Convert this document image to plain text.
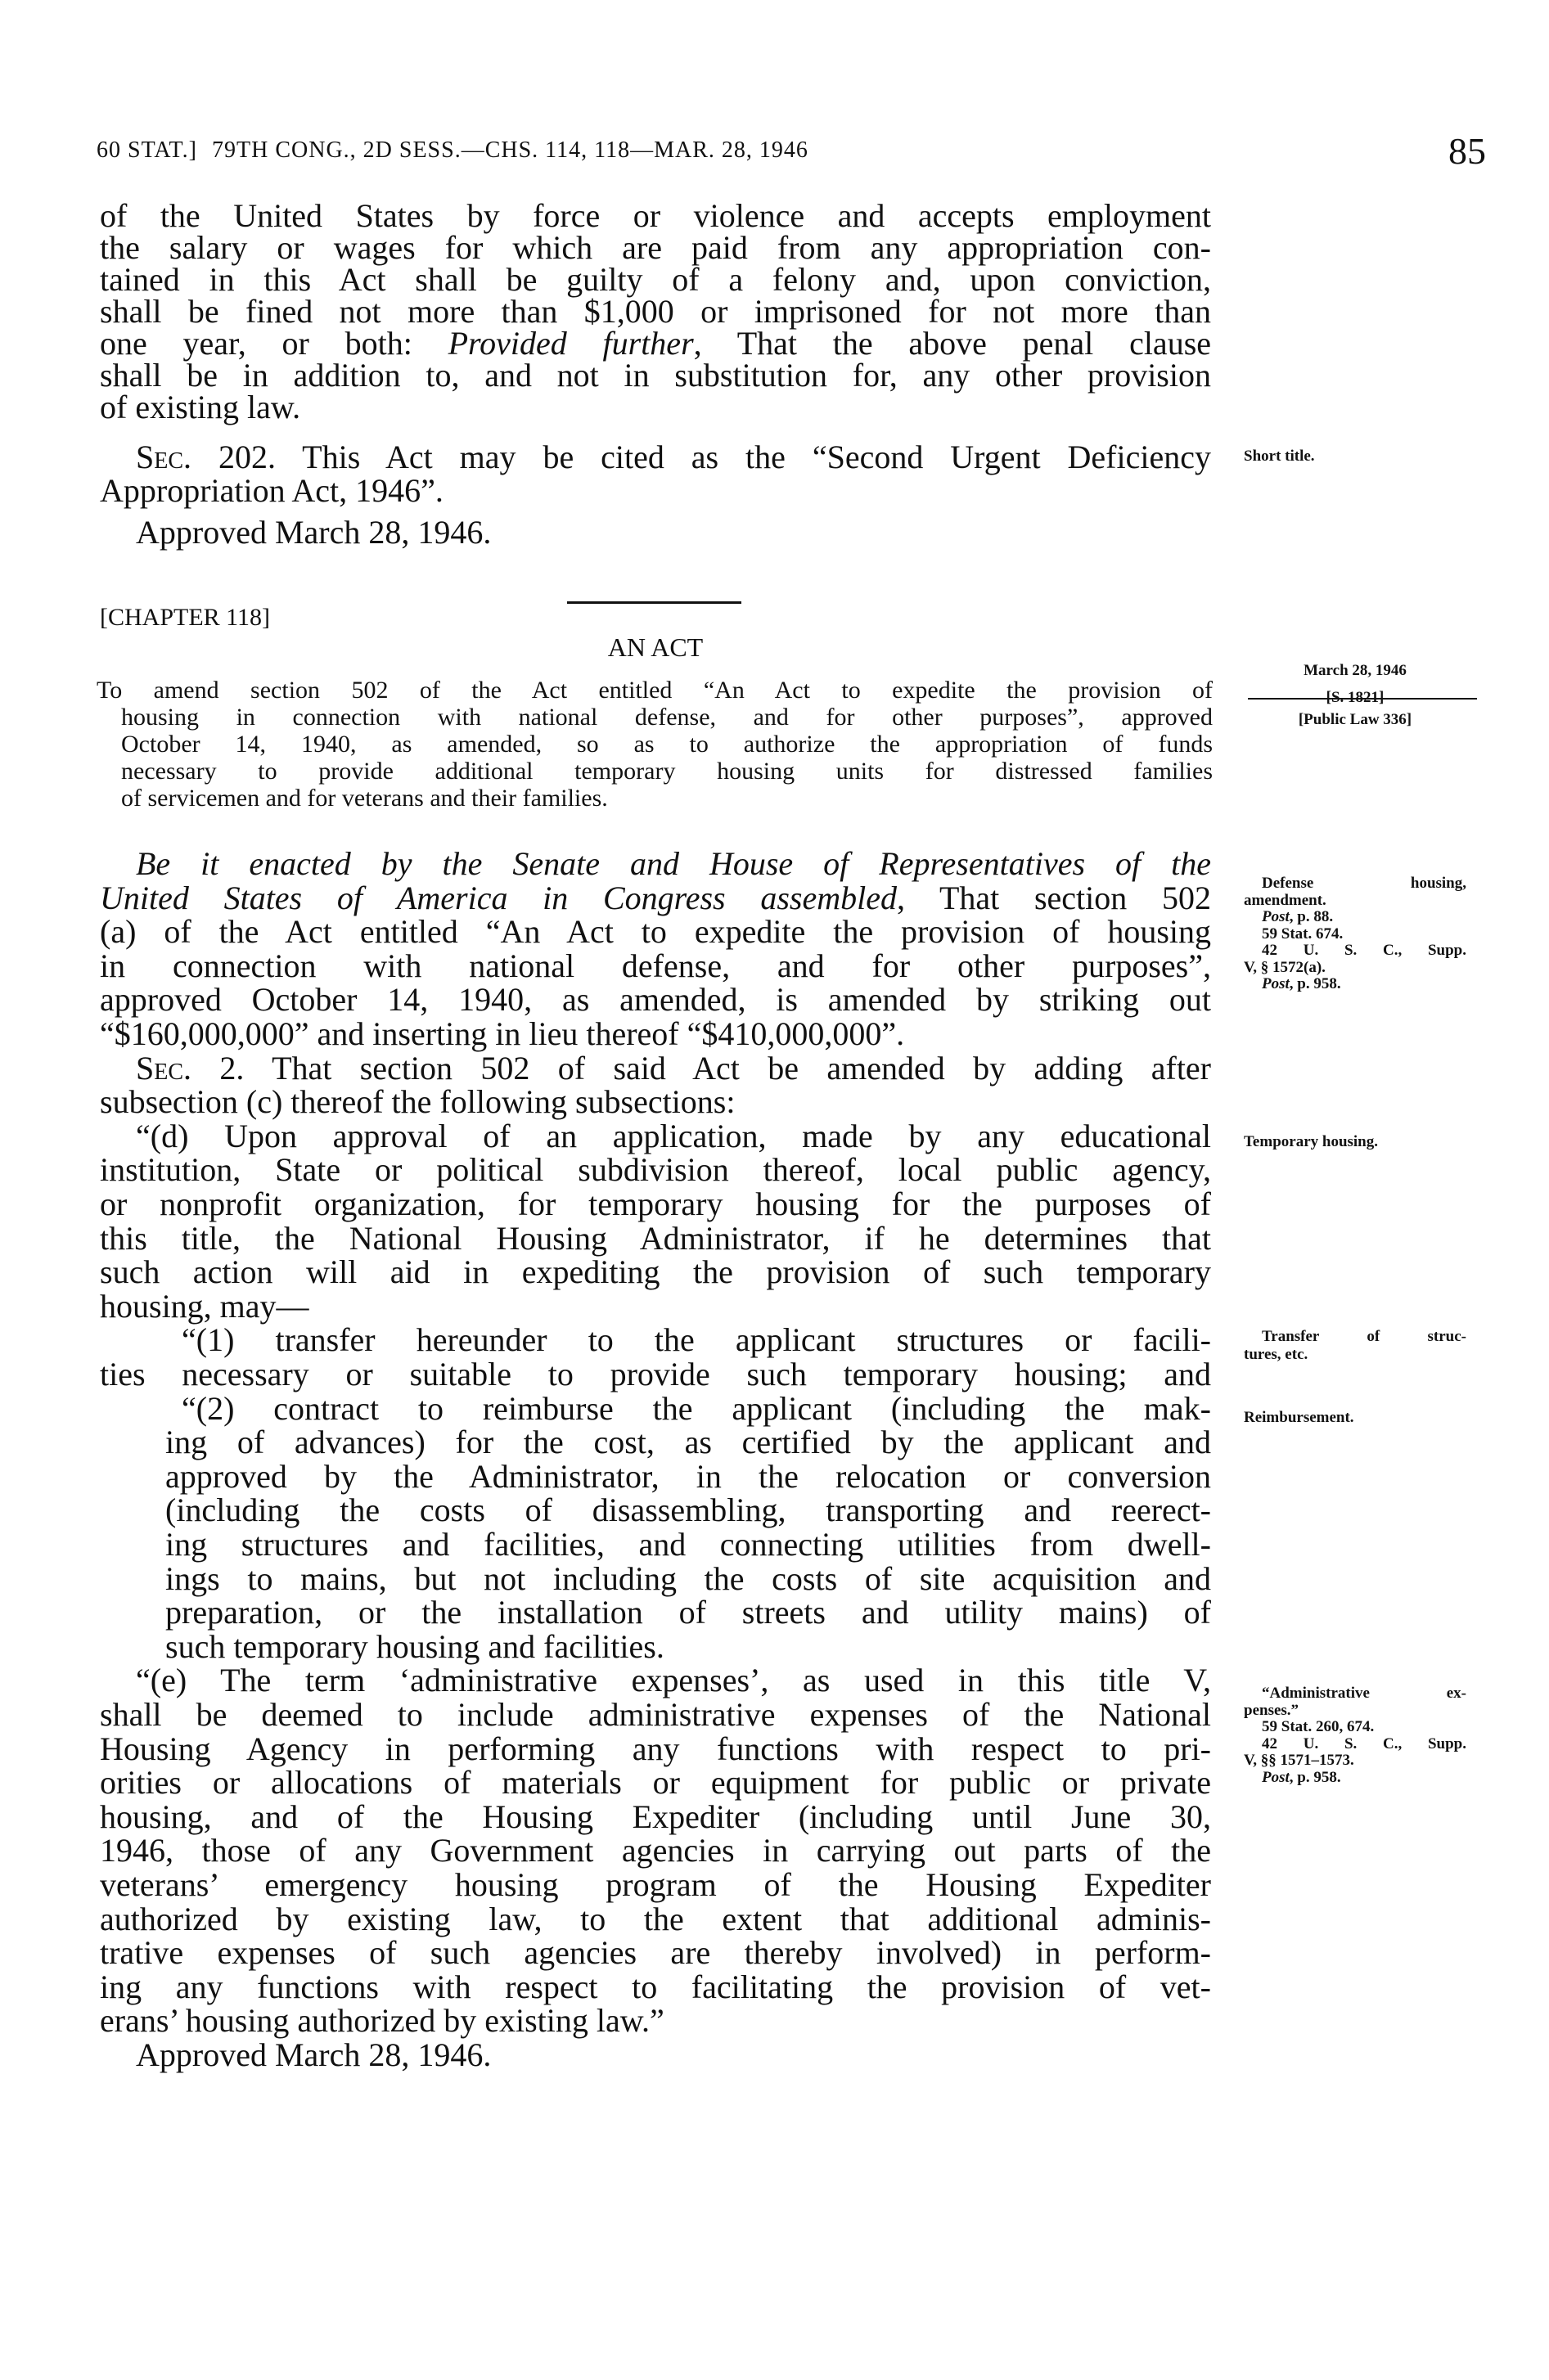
60 STAT.] 79TH CONG., 2D SESS.—CHS. 114, 118—MAR. 28, 1946	85
of the United States by force or violence and accepts employment
the salary or wages for which are paid from any appropriation con-
tained in this Act shall be guilty of a felony and, upon conviction,
shall be fined not more than $1,000 or imprisoned for not more than
one year, or both: Provided further, That the above penal clause
shall be in addition to, and not in substitution for, any other provision
of existing law.
Sec. 202. This Act may be cited as the “Second Urgent Deficiency
Appropriation Act, 1946”.
Approved March 28, 1946.
[CHAPTER 118]
AN ACT
To amend section 502 of the Act entitled “An Act to expedite the provision of
housing in connection with national defense, and for other purposes”, approved
October 14, 1940, as amended, so as to authorize the appropriation of funds
necessary to provide additional temporary housing units for distressed families
of servicemen and for veterans and their families.
Be it enacted by the Senate and House of Representatives of the
United States of America in Congress assembled, That section 502
(a) of the Act entitled “An Act to expedite the provision of housing
in connection with national defense, and for other purposes”,
approved October 14, 1940, as amended, is amended by striking out
“$160,000,000” and inserting in lieu thereof “$410,000,000”.
Sec. 2. That section 502 of said Act be amended by adding after
subsection (c) thereof the following subsections:
“(d) Upon approval of an application, made by any educational
institution, State or political subdivision thereof, local public agency,
or nonprofit organization, for temporary housing for the purposes of
this title, the National Housing Administrator, if he determines that
such action will aid in expediting the provision of such temporary
housing, may—
“(1) transfer hereunder to the applicant structures or facili-
ties necessary or suitable to provide such temporary housing; and
“(2) contract to reimburse the applicant (including the mak-
ing of advances) for the cost, as certified by the applicant and
approved by the Administrator, in the relocation or conversion
(including the costs of disassembling, transporting and reerect-
ing structures and facilities, and connecting utilities from dwell-
ings to mains, but not including the costs of site acquisition and
preparation, or the installation of streets and utility mains) of
such temporary housing and facilities.
“(e) The term ‘administrative expenses’, as used in this title V,
shall be deemed to include administrative expenses of the National
Housing Agency in performing any functions with respect to pri-
orities or allocations of materials or equipment for public or private
housing, and of the Housing Expediter (including until June 30,
1946, those of any Government agencies in carrying out parts of the
veterans’ emergency housing program of the Housing Expediter
authorized by existing law, to the extent that additional adminis-
trative expenses of such agencies are thereby involved) in perform-
ing any functions with respect to facilitating the provision of vet-
erans’ housing authorized by existing law.”
Approved March 28, 1946.
Short title.
March 28, 1946
[S. 1821]
[Public Law 336]
Defense housing,
amendment.
Post, p. 88.
59 Stat. 674.
42 U. S. C., Supp.
V, § 1572(a).
Post, p. 958.
Temporary housing.
Transfer of struc-
tures, etc.
Reimbursement.
“Administrative ex-
penses.”
59 Stat. 260, 674.
42 U. S. C., Supp.
V, §§ 1571–1573.
Post, p. 958.
